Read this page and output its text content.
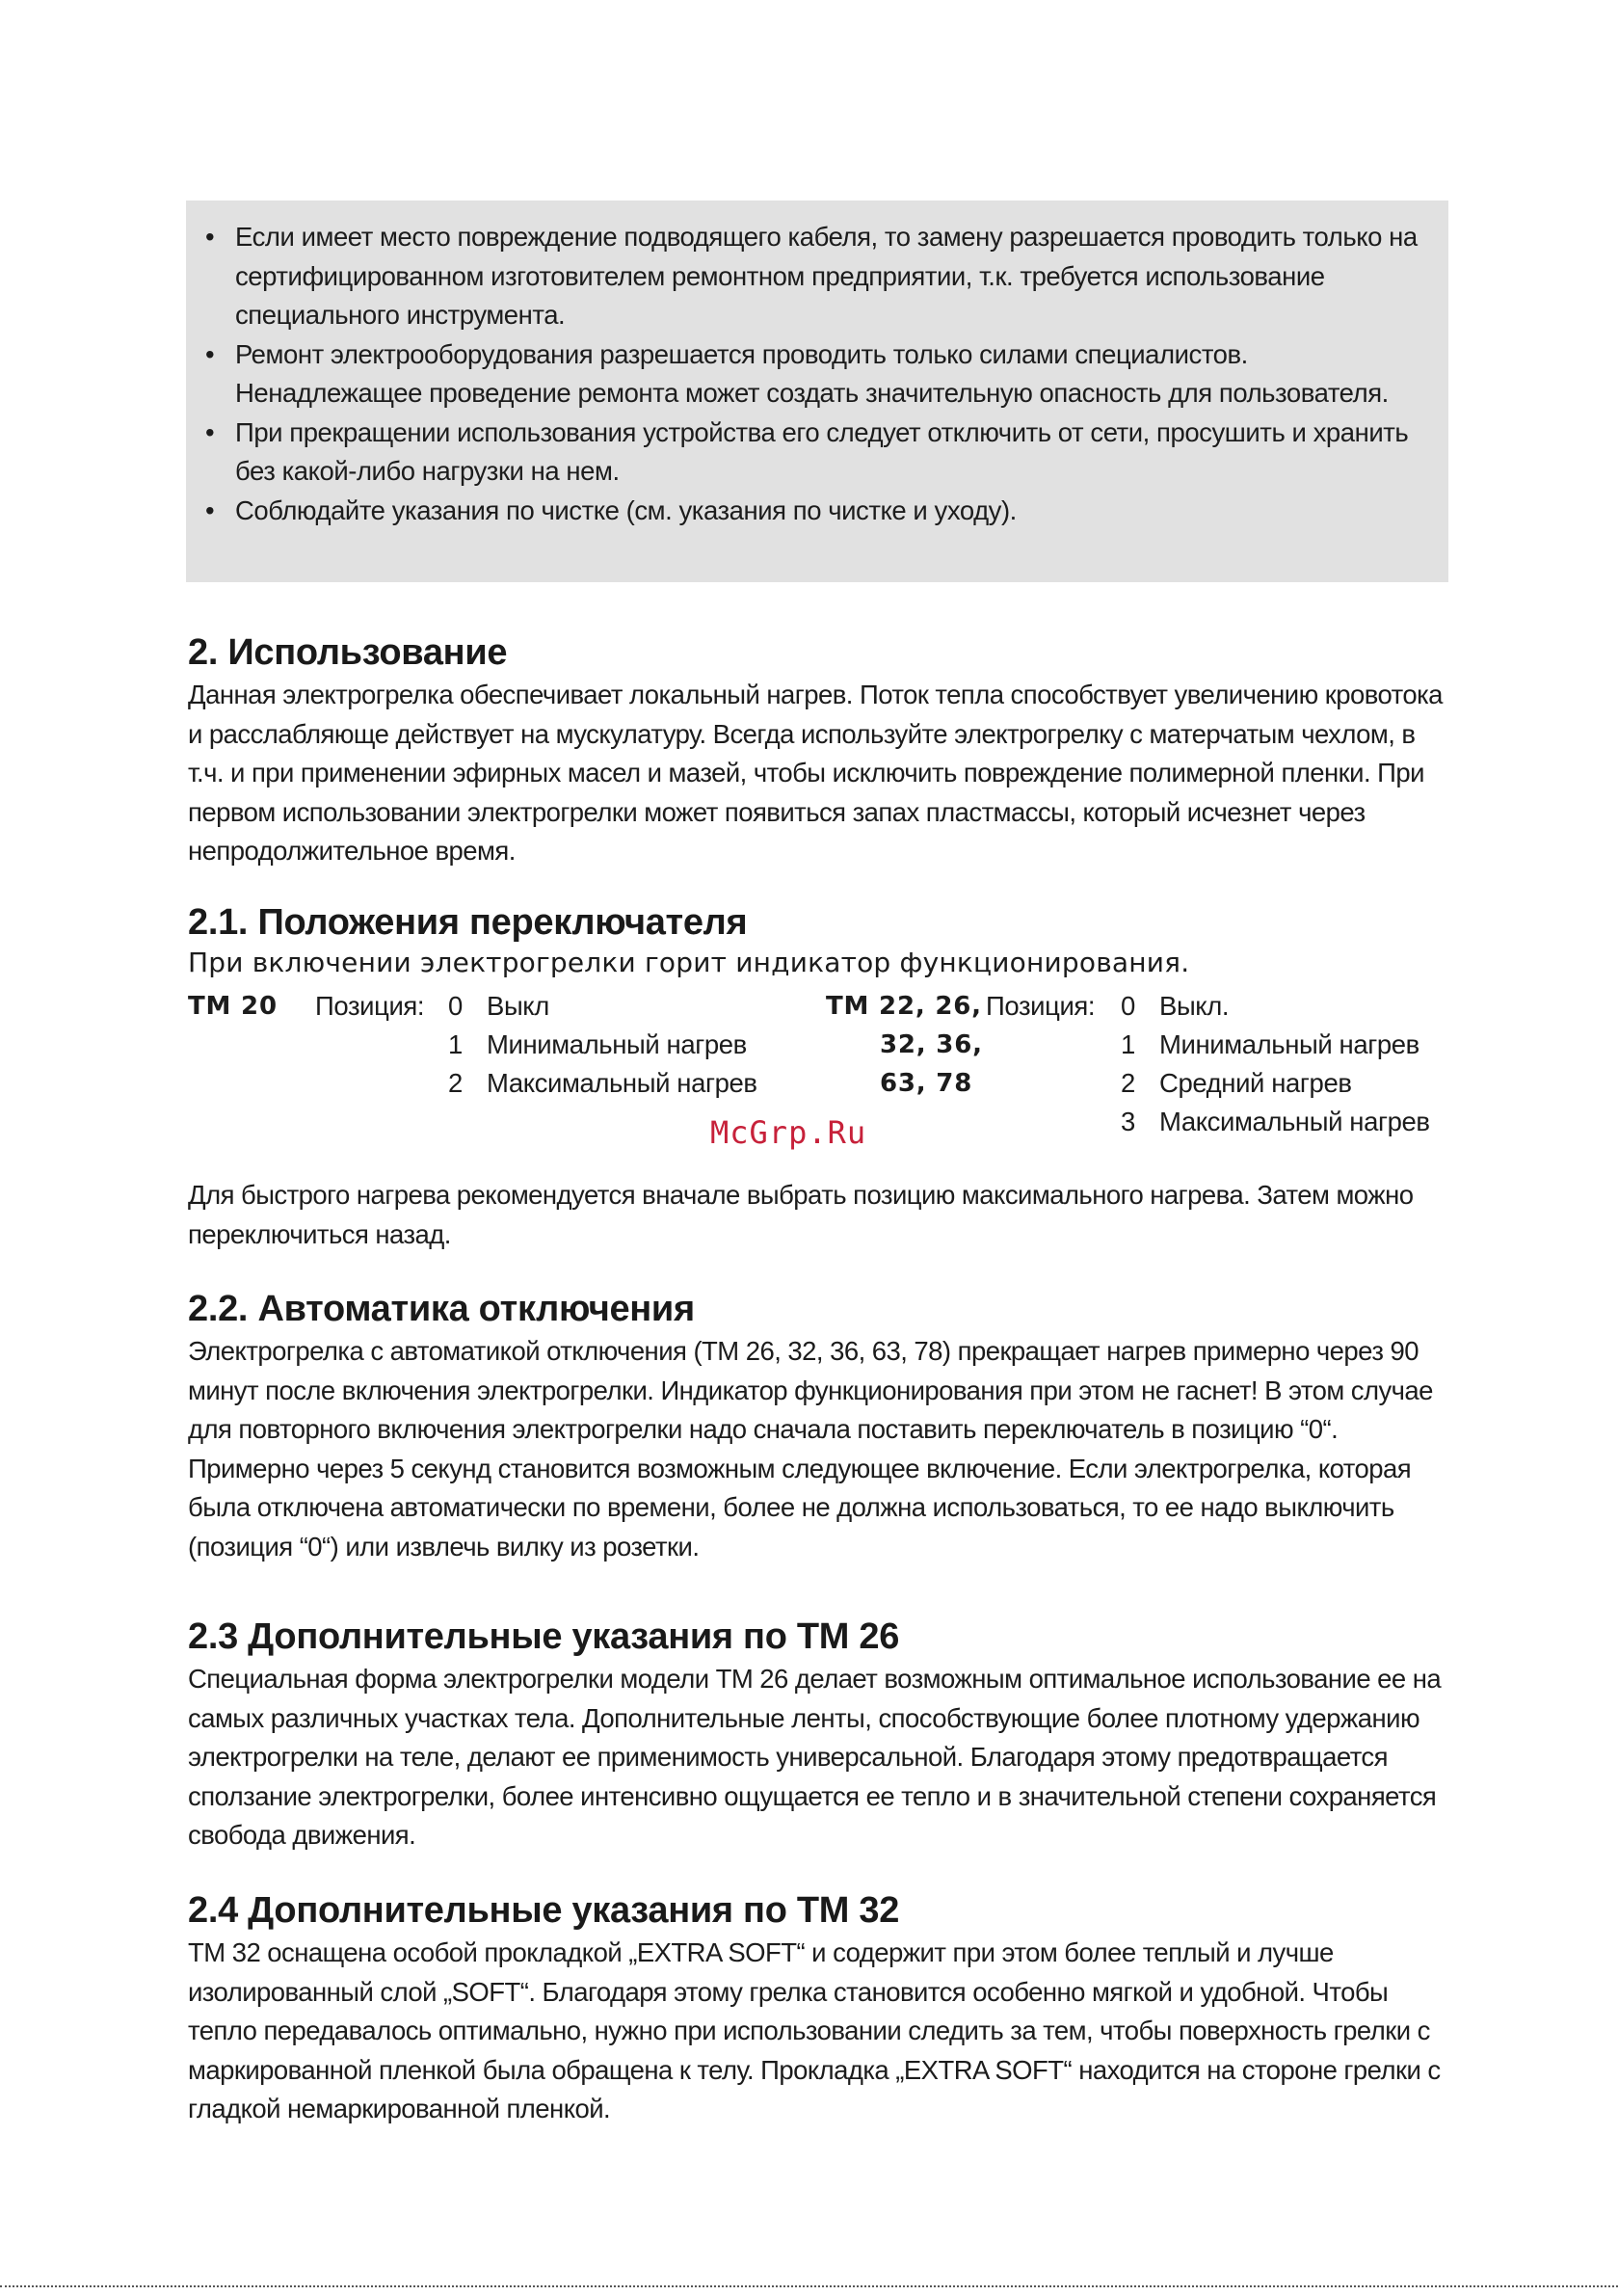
• Если имеет место повреждение подводящего кабеля, то замену разрешается проводить только на сертифицированном изготовителем ремонтном предприятии, т.к. требуется использование специального инструмента.
• Ремонт электрооборудования разрешается проводить только силами специалистов. Ненадлежащее проведение ремонта может создать значительную опасность для пользователя.
• При прекращении использования устройства его следует отключить от сети, просушить и хранить без какой-либо нагрузки на нем.
• Соблюдайте указания по чистке (см. указания по чистке и уходу).
2. Использование

Данная электрогрелка обеспечивает локальный нагрев. Поток тепла способствует увеличению кровотока и расслабляюще действует на мускулатуру. Всегда используйте электрогрелку с матерчатым чехлом, в т.ч. и при применении эфирных масел и мазей, чтобы исключить повреждение полимерной пленки. При первом использовании электрогрелки может появиться запах пластмассы, который исчезнет через непродолжительное время.

2.1. Положения переключателя

При включении электрогрелки горит индикатор функционирования.

TM 20 Позиция: 0 Выкл
1 Минимальный нагрев
2 Максимальный нагрев
TM 22, 26,
32, 36,
63, 78
Позиция: 0 Выкл.
1 Минимальный нагрев
2 Средний нагрев
3 Максимальный нагрев
McGrp.Ru

Для быстрого нагрева рекомендуется вначале выбрать позицию максимального нагрева. Затем можно переключиться назад.

2.2. Автоматика отключения

Электрогрелка с автоматикой отключения (TM 26, 32, 36, 63, 78) прекращает нагрев примерно через 90 минут после включения электрогрелки. Индикатор функционирования при этом не гаснет! В этом случае для повторного включения электрогрелки надо сначала поставить переключатель в позицию “0“. Примерно через 5 секунд становится возможным следующее включение. Если электрогрелка, которая была отключена автоматически по времени, более не должна использоваться, то ее надо выключить (позиция “0“) или извлечь вилку из розетки.

2.3 Дополнительные указания по TM 26

Специальная форма электрогрелки модели TM 26 делает возможным оптимальное использование ее на самых различных участках тела. Дополнительные ленты, способствующие более плотному удержанию электрогрелки на теле, делают ее применимость универсальной. Благодаря этому предотвращается сползание электрогрелки, более интенсивно ощущается ее тепло и в значительной степени сохраняется свобода движения.

2.4 Дополнительные указания по TM 32

TM 32 оснащена особой прокладкой „EXTRA SOFT“ и содержит при этом более теплый и лучше изолированный слой „SOFT“. Благодаря этому грелка становится особенно мягкой и удобной. Чтобы тепло передавалось оптимально, нужно при использовании следить за тем, чтобы поверхность грелки с маркированной пленкой была обращена к телу. Прокладка „EXTRA SOFT“ находится на стороне грелки с гладкой немаркированной пленкой.
